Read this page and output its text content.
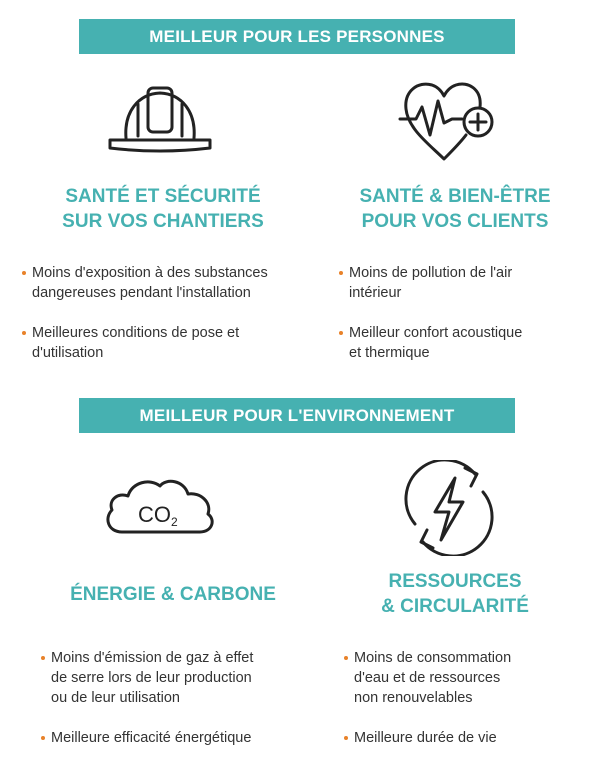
MEILLEUR POUR LES PERSONNES
SANTÉ ET SÉCURITÉ
SUR VOS CHANTIERS
SANTÉ & BIEN-ÊTRE
POUR VOS CLIENTS
Moins d'exposition à des substances
dangereuses pendant l'installation
Meilleures conditions de pose et
d'utilisation
Moins de pollution de l'air
intérieur
Meilleur confort acoustique
et thermique
MEILLEUR POUR L'ENVIRONNEMENT
CO 2
ÉNERGIE & CARBONE
RESSOURCES
& CIRCULARITÉ
Moins d'émission de gaz à effet
de serre lors de leur production
ou de leur utilisation
Meilleure efficacité énergétique
Moins de consommation
d'eau et de ressources
non renouvelables
Meilleure durée de vie
